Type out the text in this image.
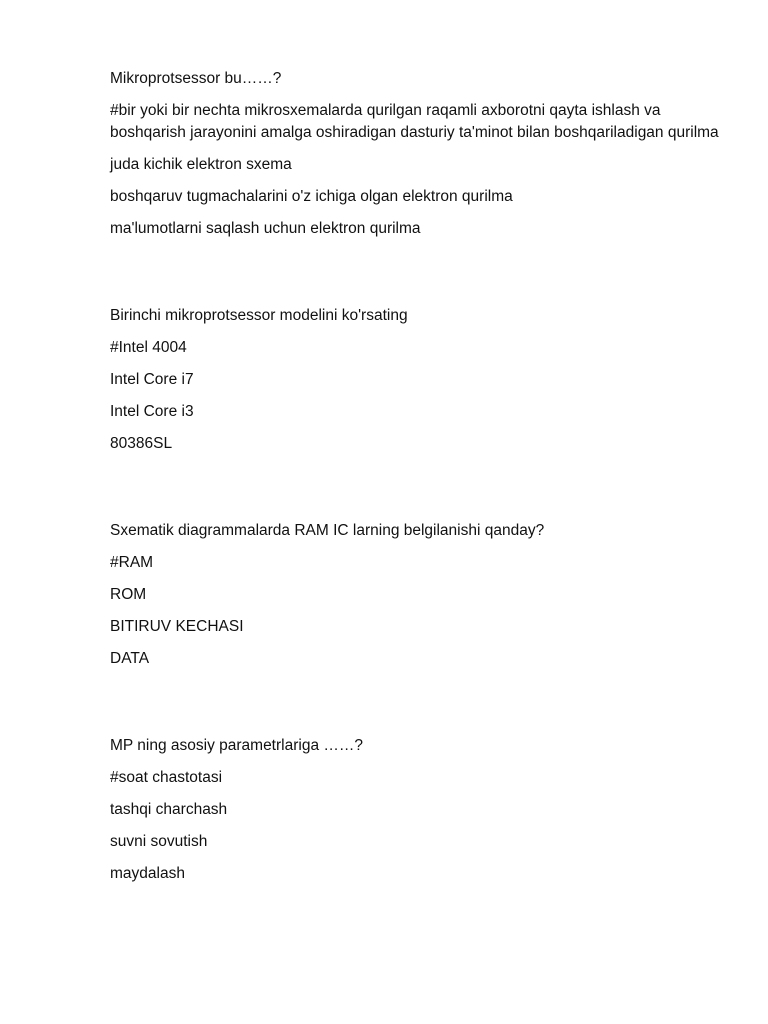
Mikroprotsessor bu……?

#bir yoki bir nechta mikrosxemalarda qurilgan raqamli axborotni qayta ishlash va boshqarish jarayonini amalga oshiradigan dasturiy ta'minot bilan boshqariladigan qurilma

juda kichik elektron sxema

boshqaruv tugmachalarini o'z ichiga olgan elektron qurilma

ma'lumotlarni saqlash uchun elektron qurilma

Birinchi mikroprotsessor modelini ko'rsating

#Intel 4004

Intel Core i7

Intel Core i3

80386SL

Sxematik diagrammalarda RAM IC larning belgilanishi qanday?

#RAM

ROM

BITIRUV KECHASI

DATA

MP ning asosiy parametrlariga ……?

#soat chastotasi

tashqi charchash

suvni sovutish

maydalash
